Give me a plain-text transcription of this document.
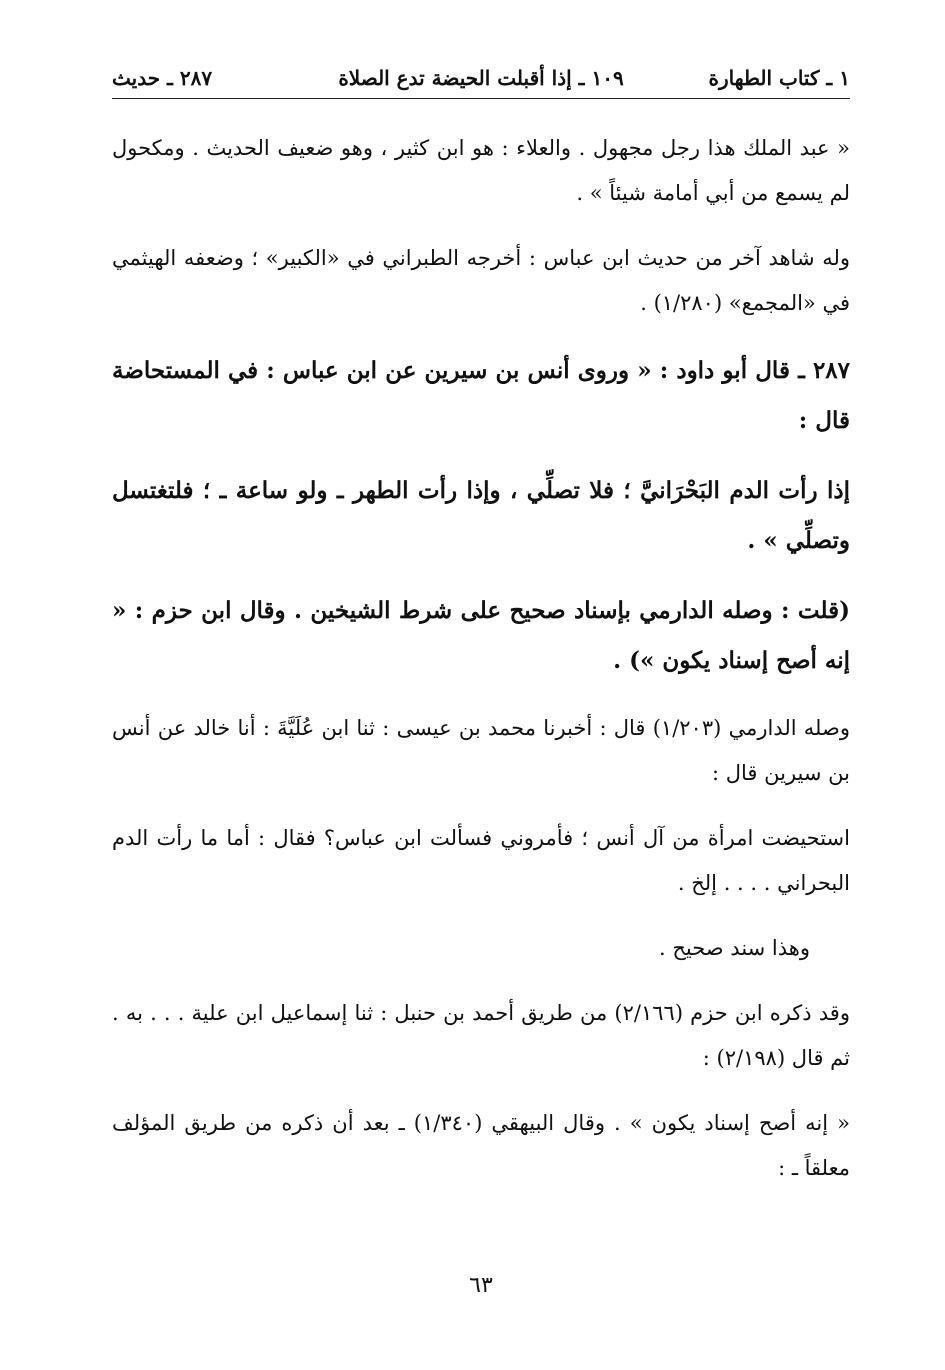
١ ـ كتاب الطهارة
١٠٩ ـ إذا أقبلت الحيضة تدع الصلاة
٢٨٧ ـ حديث

« عبد الملك هذا رجل مجهول . والعلاء : هو ابن كثير ، وهو ضعيف الحديث . ومكحول لم يسمع من أبي أمامة شيئاً » .

وله شاهد آخر من حديث ابن عباس : أخرجه الطبراني في «الكبير» ؛ وضعفه الهيثمي في «المجمع» (١/٢٨٠) .

٢٨٧ ـ قال أبو داود : « وروى أنس بن سيرين عن ابن عباس : في المستحاضة قال :

إذا رأت الدم البَحْرَانيَّ ؛ فلا تصلِّي ، وإذا رأت الطهر ـ ولو ساعة ـ ؛ فلتغتسل وتصلِّي » .

(قلت : وصله الدارمي بإسناد صحيح على شرط الشيخين . وقال ابن حزم : « إنه أصح إسناد يكون ») .

وصله الدارمي (١/٢٠٣) قال : أخبرنا محمد بن عيسى : ثنا ابن عُلَيَّةَ : أنا خالد عن أنس بن سيرين قال :

استحيضت امرأة من آل أنس ؛ فأمروني فسألت ابن عباس؟ فقال : أما ما رأت الدم البحراني . . . . إلخ .

وهذا سند صحيح .

وقد ذكره ابن حزم (٢/١٦٦) من طريق أحمد بن حنبل : ثنا إسماعيل ابن علية . . . به . ثم قال (٢/١٩٨) :

« إنه أصح إسناد يكون » . وقال البيهقي (١/٣٤٠) ـ بعد أن ذكره من طريق المؤلف معلقاً ـ :

٦٣
